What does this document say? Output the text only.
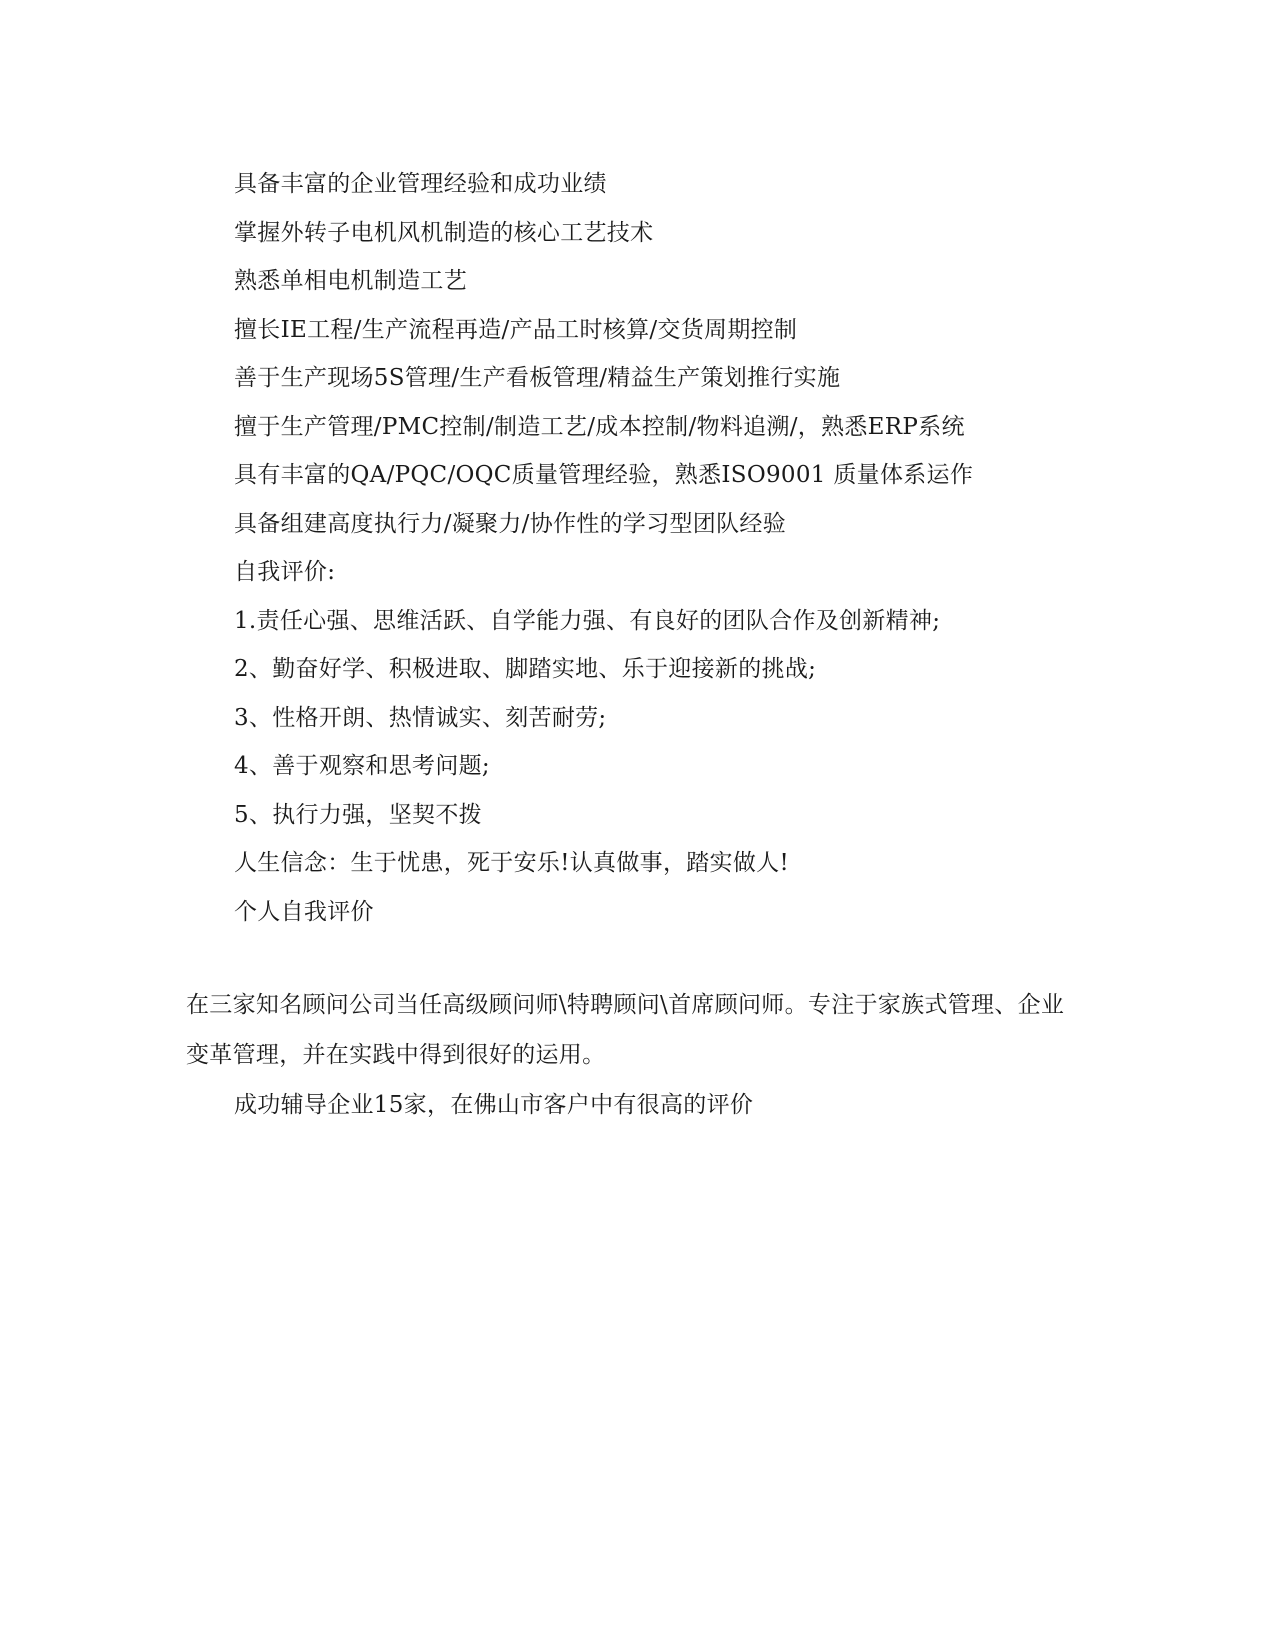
具备丰富的企业管理经验和成功业绩
掌握外转子电机风机制造的核心工艺技术
熟悉单相电机制造工艺
擅长IE工程/生产流程再造/产品工时核算/交货周期控制
善于生产现场5S管理/生产看板管理/精益生产策划推行实施
擅于生产管理/PMC控制/制造工艺/成本控制/物料追溯/，熟悉ERP系统
具有丰富的QA/PQC/OQC质量管理经验，熟悉ISO9001 质量体系运作
具备组建高度执行力/凝聚力/协作性的学习型团队经验
自我评价:
1.责任心强、思维活跃、自学能力强、有良好的团队合作及创新精神;
2、勤奋好学、积极进取、脚踏实地、乐于迎接新的挑战;
3、性格开朗、热情诚实、刻苦耐劳;
4、善于观察和思考问题;
5、执行力强，坚契不拨
人生信念：生于忧患，死于安乐!认真做事，踏实做人!
个人自我评价
在三家知名顾问公司当任高级顾问师\特聘顾问\首席顾问师。专注于家族式管理、企业变革管理，并在实践中得到很好的运用。
成功辅导企业15家，在佛山市客户中有很高的评价
